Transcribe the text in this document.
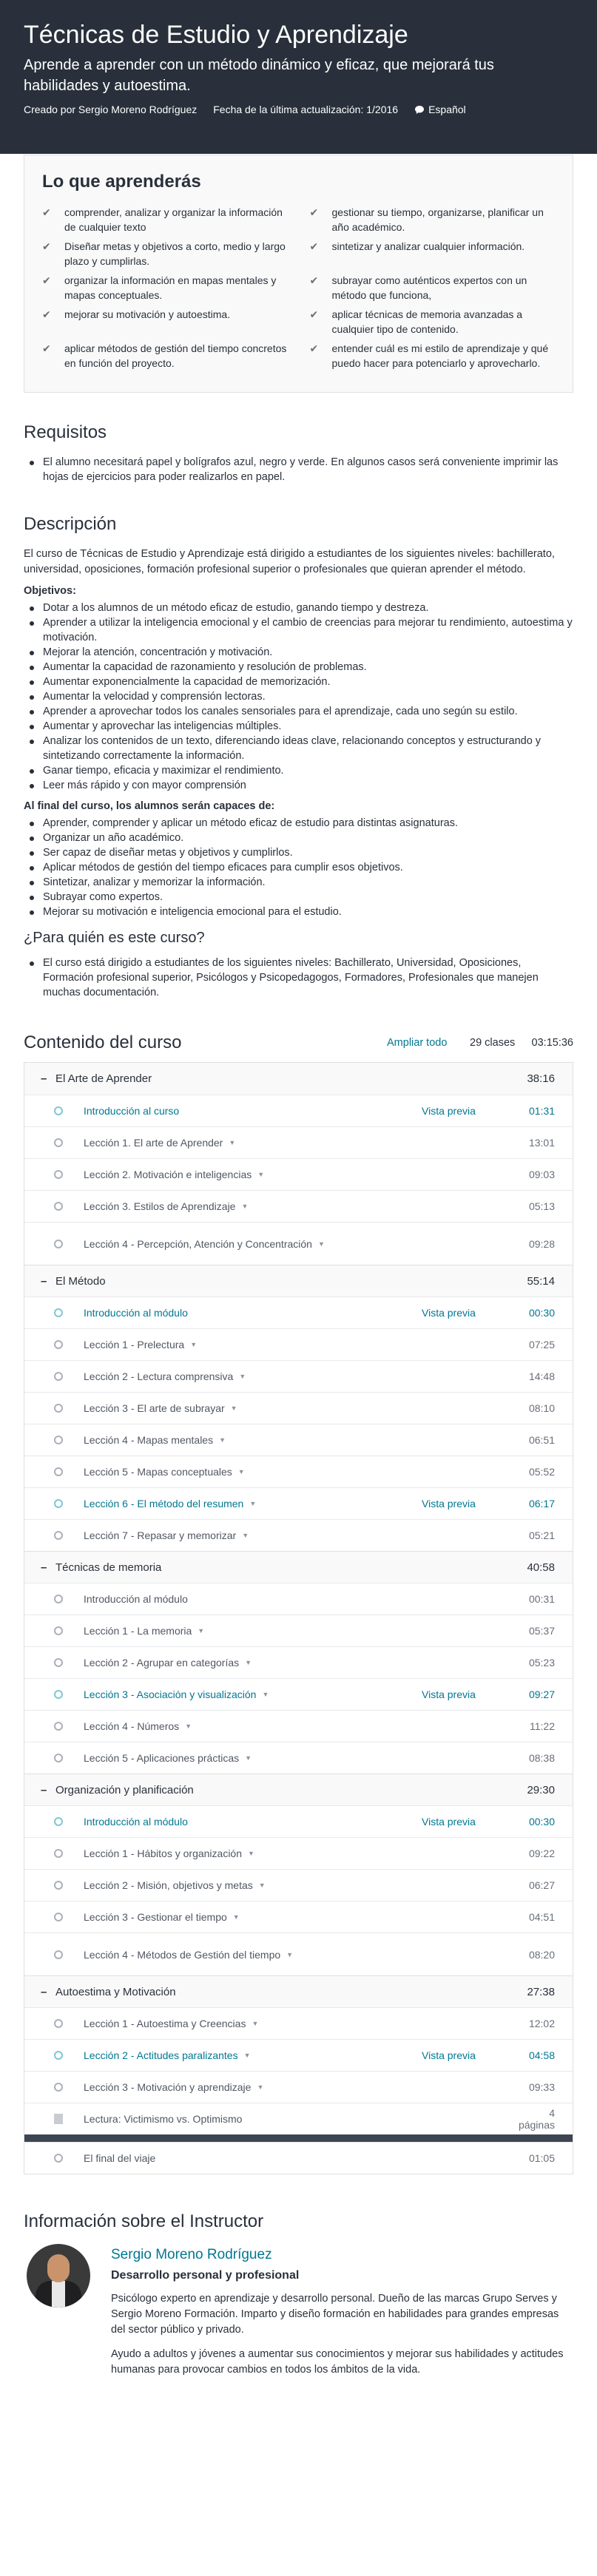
Técnicas de Estudio y Aprendizaje
Aprende a aprender con un método dinámico y eficaz, que mejorará tus habilidades y autoestima.
Creado por Sergio Moreno Rodríguez Fecha de la última actualización: 1/2016	Español
Lo que aprenderás
✔ comprender, analizar y organizar la información de cualquier texto
✔ gestionar su tiempo, organizarse, planificar un año académico.
✔ Diseñar metas y objetivos a corto, medio y largo plazo y cumplirlas.
✔ sintetizar y analizar cualquier información.
✔ organizar la información en mapas mentales y mapas conceptuales.
✔ subrayar como auténticos expertos con un método que funciona,
✔ mejorar su motivación y autoestima.	✔ aplicar técnicas de memoria avanzadas a cualquier tipo de contenido.
✔ aplicar métodos de gestión del tiempo concretos en función del proyecto.
✔ entender cuál es mi estilo de aprendizaje y qué puedo hacer para potenciarlo y aprovecharlo.
Requisitos
El alumno necesitará papel y bolígrafos azul, negro y verde. En algunos casos será conveniente imprimir las hojas de ejercicios para poder realizarlos en papel.
Descripción

El curso de Técnicas de Estudio y Aprendizaje está dirigido a estudiantes de los siguientes niveles: bachillerato, universidad, oposiciones, formación profesional superior o profesionales que quieran aprender el método.

Objetivos:

Dotar a los alumnos de un método eficaz de estudio, ganando tiempo y destreza.
Aprender a utilizar la inteligencia emocional y el cambio de creencias para mejorar tu rendimiento, autoestima y motivación.
Mejorar la atención, concentración y motivación.
Aumentar la capacidad de razonamiento y resolución de problemas.
Aumentar exponencialmente la capacidad de memorización.
Aumentar la velocidad y comprensión lectoras.
Aprender a aprovechar todos los canales sensoriales para el aprendizaje, cada uno según su estilo.
Aumentar y aprovechar las inteligencias múltiples.
Analizar los contenidos de un texto, diferenciando ideas clave, relacionando conceptos y estructurando y sintetizando correctamente la información.
Ganar tiempo, eficacia y maximizar el rendimiento.
Leer más rápido y con mayor comprensión

Al final del curso, los alumnos serán capaces de:

Aprender, comprender y aplicar un método eficaz de estudio para distintas asignaturas.
Organizar un año académico.
Ser capaz de diseñar metas y objetivos y cumplirlos.
Aplicar métodos de gestión del tiempo eficaces para cumplir esos objetivos.
Sintetizar, analizar y memorizar la información.
Subrayar como expertos.
Mejorar su motivación e inteligencia emocional para el estudio.
¿Para quién es este curso?
El curso está dirigido a estudiantes de los siguientes niveles: Bachillerato, Universidad, Oposiciones, Formación profesional superior, Psicólogos y Psicopedagogos, Formadores, Profesionales que manejen muchas documentación.
Contenido del curso	Ampliar todo	29 clases	03:15:36
– El Arte de Aprender	38:16
Introducción al curso	Vista previa	01:31
Lección 1. El arte de Aprender ▼	13:01
Lección 2. Motivación e inteligencias ▼	09:03
Lección 3. Estilos de Aprendizaje ▼	05:13
Lección 4 - Percepción, Atención y Concentración ▼	09:28
– El Método	55:14
Introducción al módulo	Vista previa	00:30
Lección 1 - Prelectura ▼	07:25
Lección 2 - Lectura comprensiva ▼	14:48
Lección 3 - El arte de subrayar ▼	08:10
Lección 4 - Mapas mentales ▼	06:51
Lección 5 - Mapas conceptuales ▼	05:52
Lección 6 - El método del resumen ▼	Vista previa	06:17
Lección 7 - Repasar y memorizar ▼	05:21
– Técnicas de memoria	40:58
Introducción al módulo	00:31
Lección 1 - La memoria ▼	05:37
Lección 2 - Agrupar en categorías ▼	05:23
Lección 3 - Asociación y visualización ▼	Vista previa	09:27
Lección 4 - Números ▼	11:22
Lección 5 - Aplicaciones prácticas ▼	08:38
– Organización y planificación	29:30
Introducción al módulo	Vista previa	00:30
Lección 1 - Hábitos y organización ▼	09:22
Lección 2 - Misión, objetivos y metas ▼	06:27
Lección 3 - Gestionar el tiempo ▼	04:51
Lección 4 - Métodos de Gestión del tiempo ▼	08:20
– Autoestima y Motivación	27:38
Lección 1 - Autoestima y Creencias ▼	12:02
Lección 2 - Actitudes paralizantes ▼	Vista previa	04:58
Lección 3 - Motivación y aprendizaje ▼	09:33
Lectura: Victimismo vs. Optimismo	4 páginas
El final del viaje	01:05
Información sobre el Instructor
Sergio Moreno Rodríguez
Desarrollo personal y profesional

Psicólogo experto en aprendizaje y desarrollo personal. Dueño de las marcas Grupo Serves y Sergio Moreno Formación. Imparto y diseño formación en habilidades para grandes empresas del sector público y privado.

Ayudo a adultos y jóvenes a aumentar sus conocimientos y mejorar sus habilidades y actitudes humanas para provocar cambios en todos los ámbitos de la vida.
